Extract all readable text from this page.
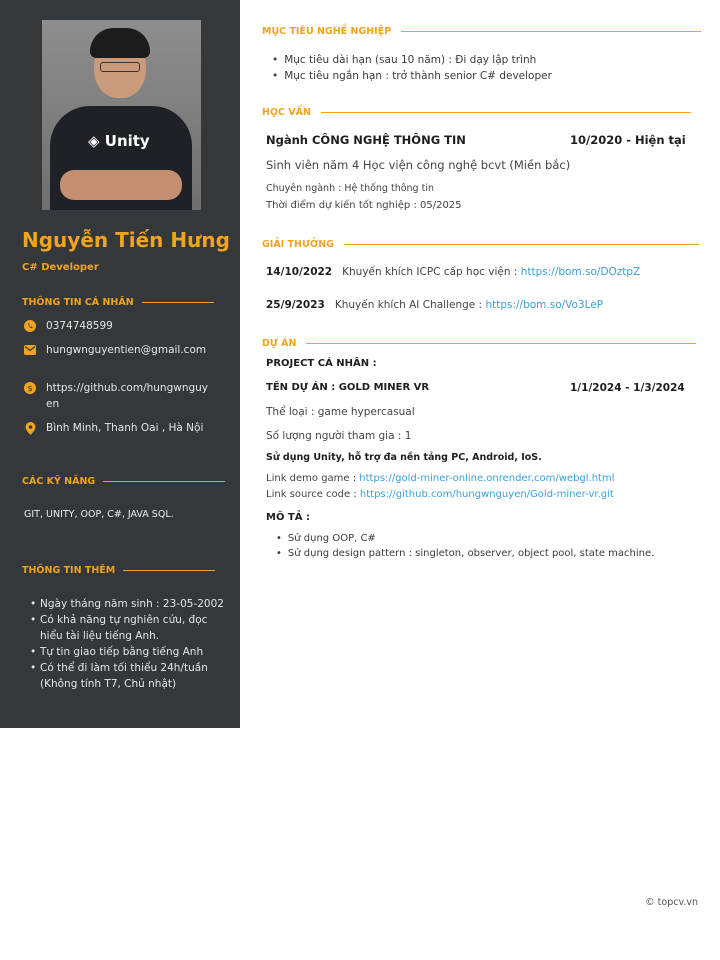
◈ Unity
Nguyễn Tiến Hưng
C# Developer
THÔNG TIN CÁ NHÂN
0374748599
hungwnguyentien@gmail.com
$ https://github.com/hungwnguyen
Bình Minh, Thanh Oai , Hà Nội
CÁC KỸ NĂNG
GIT, UNITY, OOP, C#, JAVA SQL.
THÔNG TIN THÊM
• Ngày tháng năm sinh : 23-05-2002
• Có khả năng tự nghiên cứu, đọc hiểu tài liệu tiếng Anh.
• Tự tin giao tiếp bằng tiếng Anh
• Có thể đi làm tối thiểu 24h/tuần (Không tính T7, Chủ nhật)
MỤC TIÊU NGHỀ NGHIỆP
• Mục tiêu dài hạn (sau 10 năm) : Đi dạy lập trình
• Mục tiêu ngắn hạn : trở thành senior C# developer
HỌC VẤN
Ngành CÔNG NGHỆ THÔNG TIN	10/2020 - Hiện tại
Sinh viên năm 4 Học viện công nghệ bcvt (Miền bắc)
Chuyên ngành : Hệ thống thông tin
Thời điểm dự kiến tốt nghiệp : 05/2025
GIẢI THƯỞNG
14/10/2022 Khuyến khích ICPC cấp học viện : https://bom.so/DOztpZ
25/9/2023 Khuyến khích AI Challenge : https://bom.so/Vo3LeP
DỰ ÁN
PROJECT CÁ NHÂN :
TÊN DỰ ÁN : GOLD MINER VR	1/1/2024 - 1/3/2024
Thể loại : game hypercasual
Số lượng người tham gia : 1
Sử dụng Unity, hỗ trợ đa nền tảng PC, Android, IoS.
Link demo game : https://gold-miner-online.onrender.com/webgl.html
Link source code : https://github.com/hungwnguyen/Gold-miner-vr.git
MÔ TẢ :
• Sử dụng OOP, C#
• Sử dụng design pattern : singleton, observer, object pool, state machine.
© topcv.vn
